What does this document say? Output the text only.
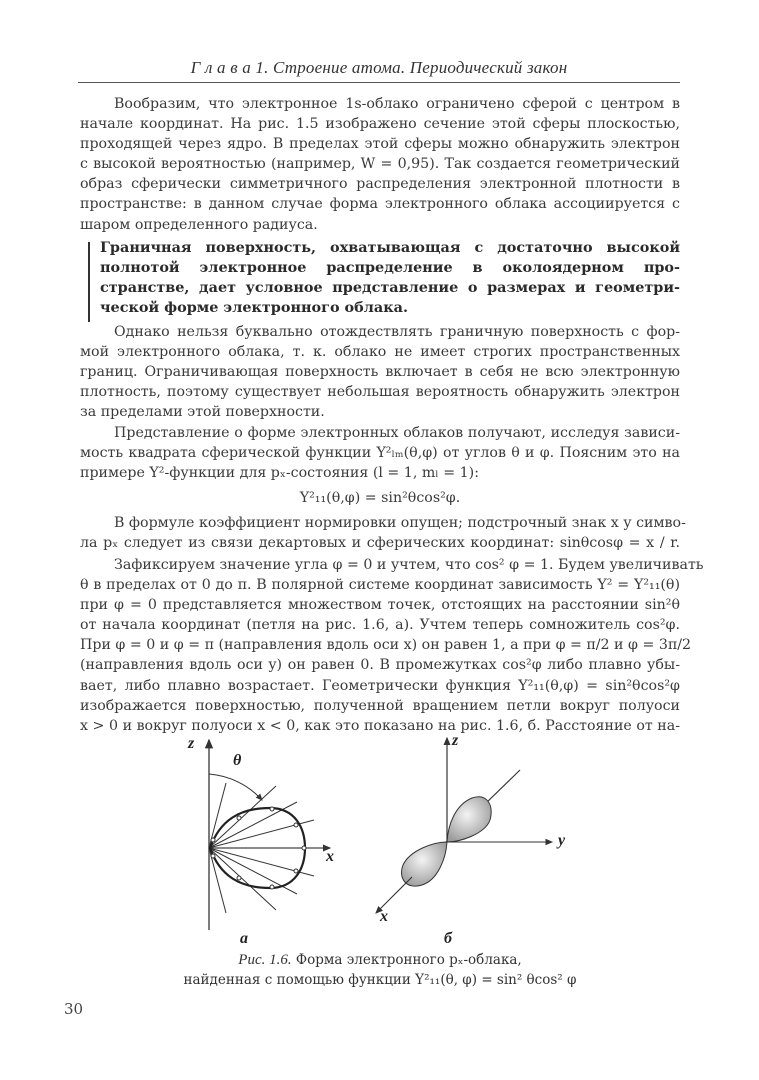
Г л а в а 1. Строение атома. Периодический закон
Вообразим, что электронное 1s-облако ограничено сферой с центром в
начале координат. На рис. 1.5 изображено сечение этой сферы плоскостью,
проходящей через ядро. В пределах этой сферы можно обнаружить электрон
с высокой вероятностью (например, W = 0,95). Так создается геометрический
образ сферически симметричного распределения электронной плотности в
пространстве: в данном случае форма электронного облака ассоциируется с
шаром определенного радиуса.
Граничная поверхность, охватывающая с достаточно высокой
полнотой электронное распределение в околоядерном про-
странстве, дает условное представление о размерах и геометри-
ческой форме электронного облака.
Однако нельзя буквально отождествлять граничную поверхность с фор-
мой электронного облака, т. к. облако не имеет строгих пространственных
границ. Ограничивающая поверхность включает в себя не всю электронную
плотность, поэтому существует небольшая вероятность обнаружить электрон
за пределами этой поверхности.
Представление о форме электронных облаков получают, исследуя зависи-
мость квадрата сферической функции Y²ₗₘ(θ,φ) от углов θ и φ. Поясним это на
примере Y²-функции для pₓ-состояния (l = 1, mₗ = 1):
Y²₁₁(θ,φ) = sin²θcos²φ.
В формуле коэффициент нормировки опущен; подстрочный знак x у симво-
ла pₓ следует из связи декартовых и сферических координат: sinθcosφ = x / r.
Зафиксируем значение угла φ = 0 и учтем, что cos² φ = 1. Будем увеличивать
θ в пределах от 0 до π. В полярной системе координат зависимость Y² = Y²₁₁(θ)
при φ = 0 представляется множеством точек, отстоящих на расстоянии sin²θ
от начала координат (петля на рис. 1.6, а). Учтем теперь сомножитель cos²φ.
При φ = 0 и φ = π (направления вдоль оси x) он равен 1, а при φ = π/2 и φ = 3π/2
(направления вдоль оси y) он равен 0. В промежутках cos²φ либо плавно убы-
вает, либо плавно возрастает. Геометрически функция Y²₁₁(θ,φ) = sin²θcos²φ
изображается поверхностью, полученной вращением петли вокруг полуоси
x > 0 и вокруг полуоси x < 0, как это показано на рис. 1.6, б. Расстояние от на-
z
θ
x
а
z
y
x
б
Рис. 1.6. Форма электронного pₓ-облака,
найденная с помощью функции Y²₁₁(θ, φ) = sin² θcos² φ
30
